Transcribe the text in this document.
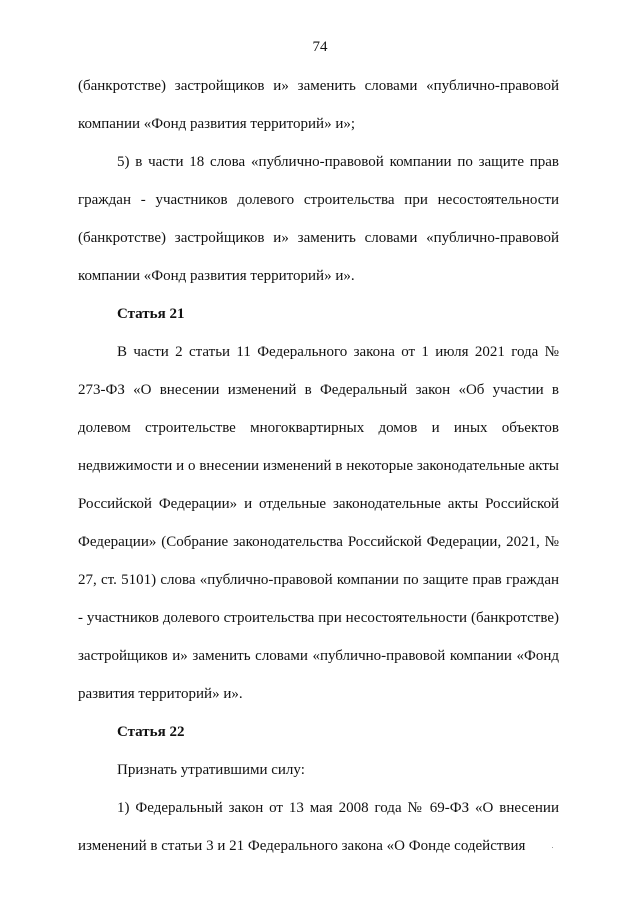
74

(банкротстве) застройщиков и» заменить словами «публично-правовой компании «Фонд развития территорий» и»;

5) в части 18 слова «публично-правовой компании по защите прав граждан - участников долевого строительства при несостоятельности (банкротстве) застройщиков и» заменить словами «публично-правовой компании «Фонд развития территорий» и».

Статья 21

В части 2 статьи 11 Федерального закона от 1 июля 2021 года № 273-ФЗ «О внесении изменений в Федеральный закон «Об участии в долевом строительстве многоквартирных домов и иных объектов недвижимости и о внесении изменений в некоторые законодательные акты Российской Федерации» и отдельные законодательные акты Российской Федерации» (Собрание законодательства Российской Федерации, 2021, № 27, ст. 5101) слова «публично-правовой компании по защите прав граждан - участников долевого строительства при несостоятельности (банкротстве) застройщиков и» заменить словами «публично-правовой компании «Фонд развития территорий» и».

Статья 22

Признать утратившими силу:

1) Федеральный закон от 13 мая 2008 года № 69-ФЗ «О внесении изменений в статьи 3 и 21 Федерального закона «О Фонде содействия
